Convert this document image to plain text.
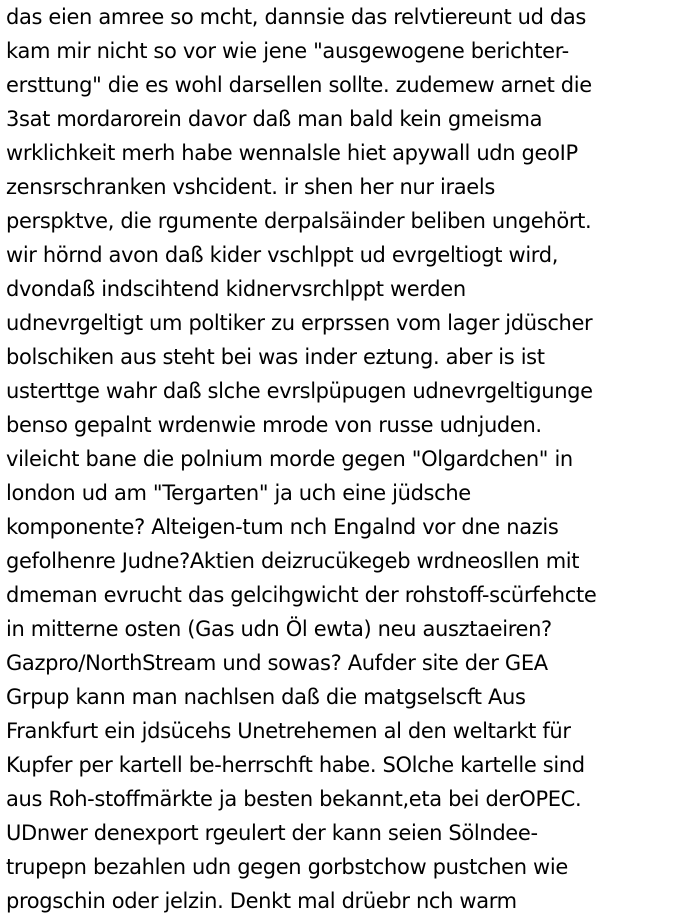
das eien amree so mcht, dannsie das relvtiereunt ud das
kam mir nicht so vor wie jene "ausgewogene berichter-
ersttung" die es wohl darsellen sollte. zudemew arnet die
3sat mordarorein davor daß man bald kein gmeisma
wrklichkeit merh habe wennalsle hiet apywall udn geoIP
zensrschranken vshcident. ir shen her nur iraels
perspktve, die rgumente derpalsäinder beliben ungehört.
wir hörnd avon daß kider vschlppt ud evrgeltiogt wird,
dvondaß indscihtend kidnervsrchlppt werden
udnevrgeltigt um poltiker zu erprssen vom lager jdüscher
bolschiken aus steht bei was inder eztung. aber is ist
usterttge wahr daß slche evrslpüpugen udnevrgeltigunge
benso gepalnt wrdenwie mrode von russe udnjuden.
vileicht bane die polnium morde gegen "Olgardchen" in
london ud am "Tergarten" ja uch eine jüdsche
komponente? Alteigen-tum nch Engalnd vor dne nazis
gefolhenre Judne?Aktien deizrucükegeb wrdneosllen mit
dmeman evrucht das gelcihgwicht der rohstoff-scürfehcte
in mitterne osten (Gas udn Öl ewta) neu ausztaeiren?
Gazpro/NorthStream und sowas? Aufder site der GEA
Grpup kann man nachlsen daß die matgselscft Aus
Frankfurt ein jdsücehs Unetrehemen al den weltarkt für
Kupfer per kartell be-herrschft habe. SOlche kartelle sind
aus Roh-stoffmärkte ja besten bekannt,eta bei derOPEC.
UDnwer denexport rgeulert der kann seien Sölndee-
trupepn bezahlen udn gegen gorbstchow pustchen wie
progschin oder jelzin. Denkt mal drüebr nch warm
